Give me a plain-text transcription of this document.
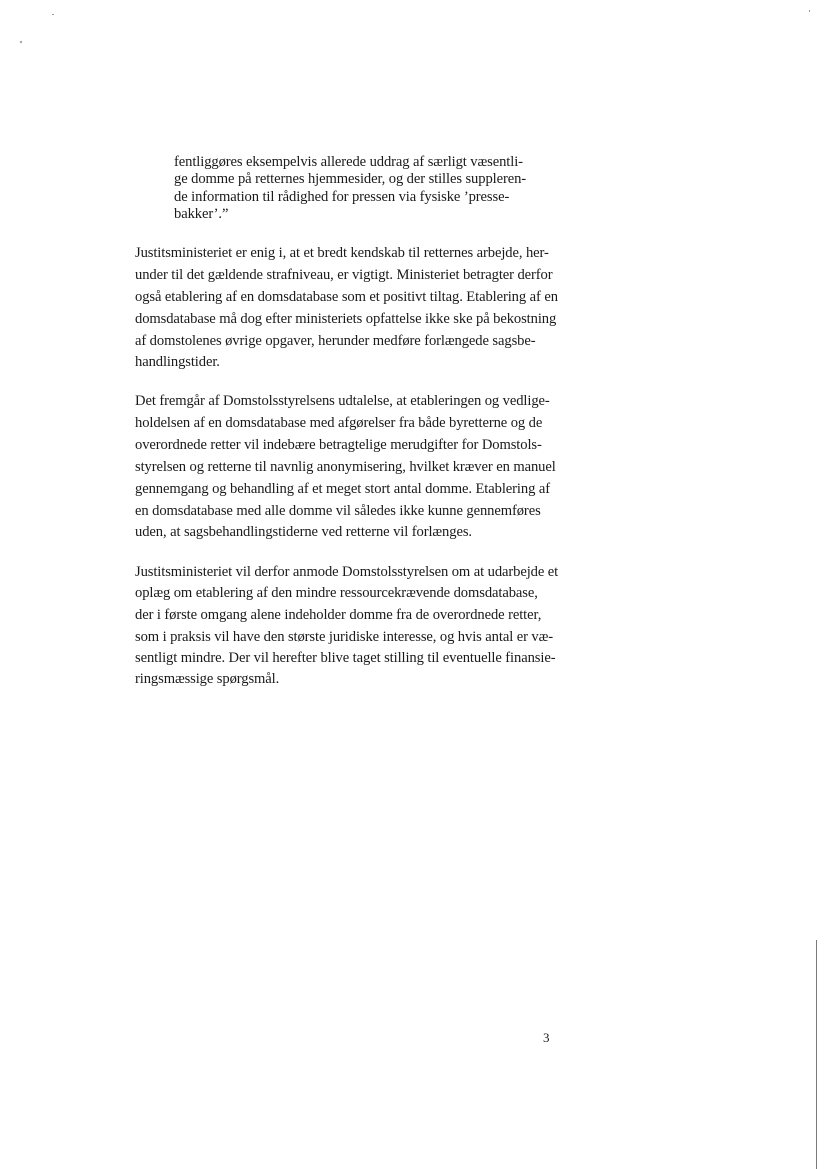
fentliggøres eksempelvis allerede uddrag af særligt væsentli-
ge domme på retternes hjemmesider, og der stilles suppleren-
de information til rådighed for pressen via fysiske ’presse-
bakker’.”
Justitsministeriet er enig i, at et bredt kendskab til retternes arbejde, her-
under til det gældende strafniveau, er vigtigt. Ministeriet betragter derfor
også etablering af en domsdatabase som et positivt tiltag. Etablering af en
domsdatabase må dog efter ministeriets opfattelse ikke ske på bekostning
af domstolenes øvrige opgaver, herunder medføre forlængede sagsbe-
handlingstider.
Det fremgår af Domstolsstyrelsens udtalelse, at etableringen og vedlige-
holdelsen af en domsdatabase med afgørelser fra både byretterne og de
overordnede retter vil indebære betragtelige merudgifter for Domstols-
styrelsen og retterne til navnlig anonymisering, hvilket kræver en manuel
gennemgang og behandling af et meget stort antal domme. Etablering af
en domsdatabase med alle domme vil således ikke kunne gennemføres
uden, at sagsbehandlingstiderne ved retterne vil forlænges.
Justitsministeriet vil derfor anmode Domstolsstyrelsen om at udarbejde et
oplæg om etablering af den mindre ressourcekrævende domsdatabase,
der i første omgang alene indeholder domme fra de overordnede retter,
som i praksis vil have den største juridiske interesse, og hvis antal er væ-
sentligt mindre. Der vil herefter blive taget stilling til eventuelle finansie-
ringsmæssige spørgsmål.
3
